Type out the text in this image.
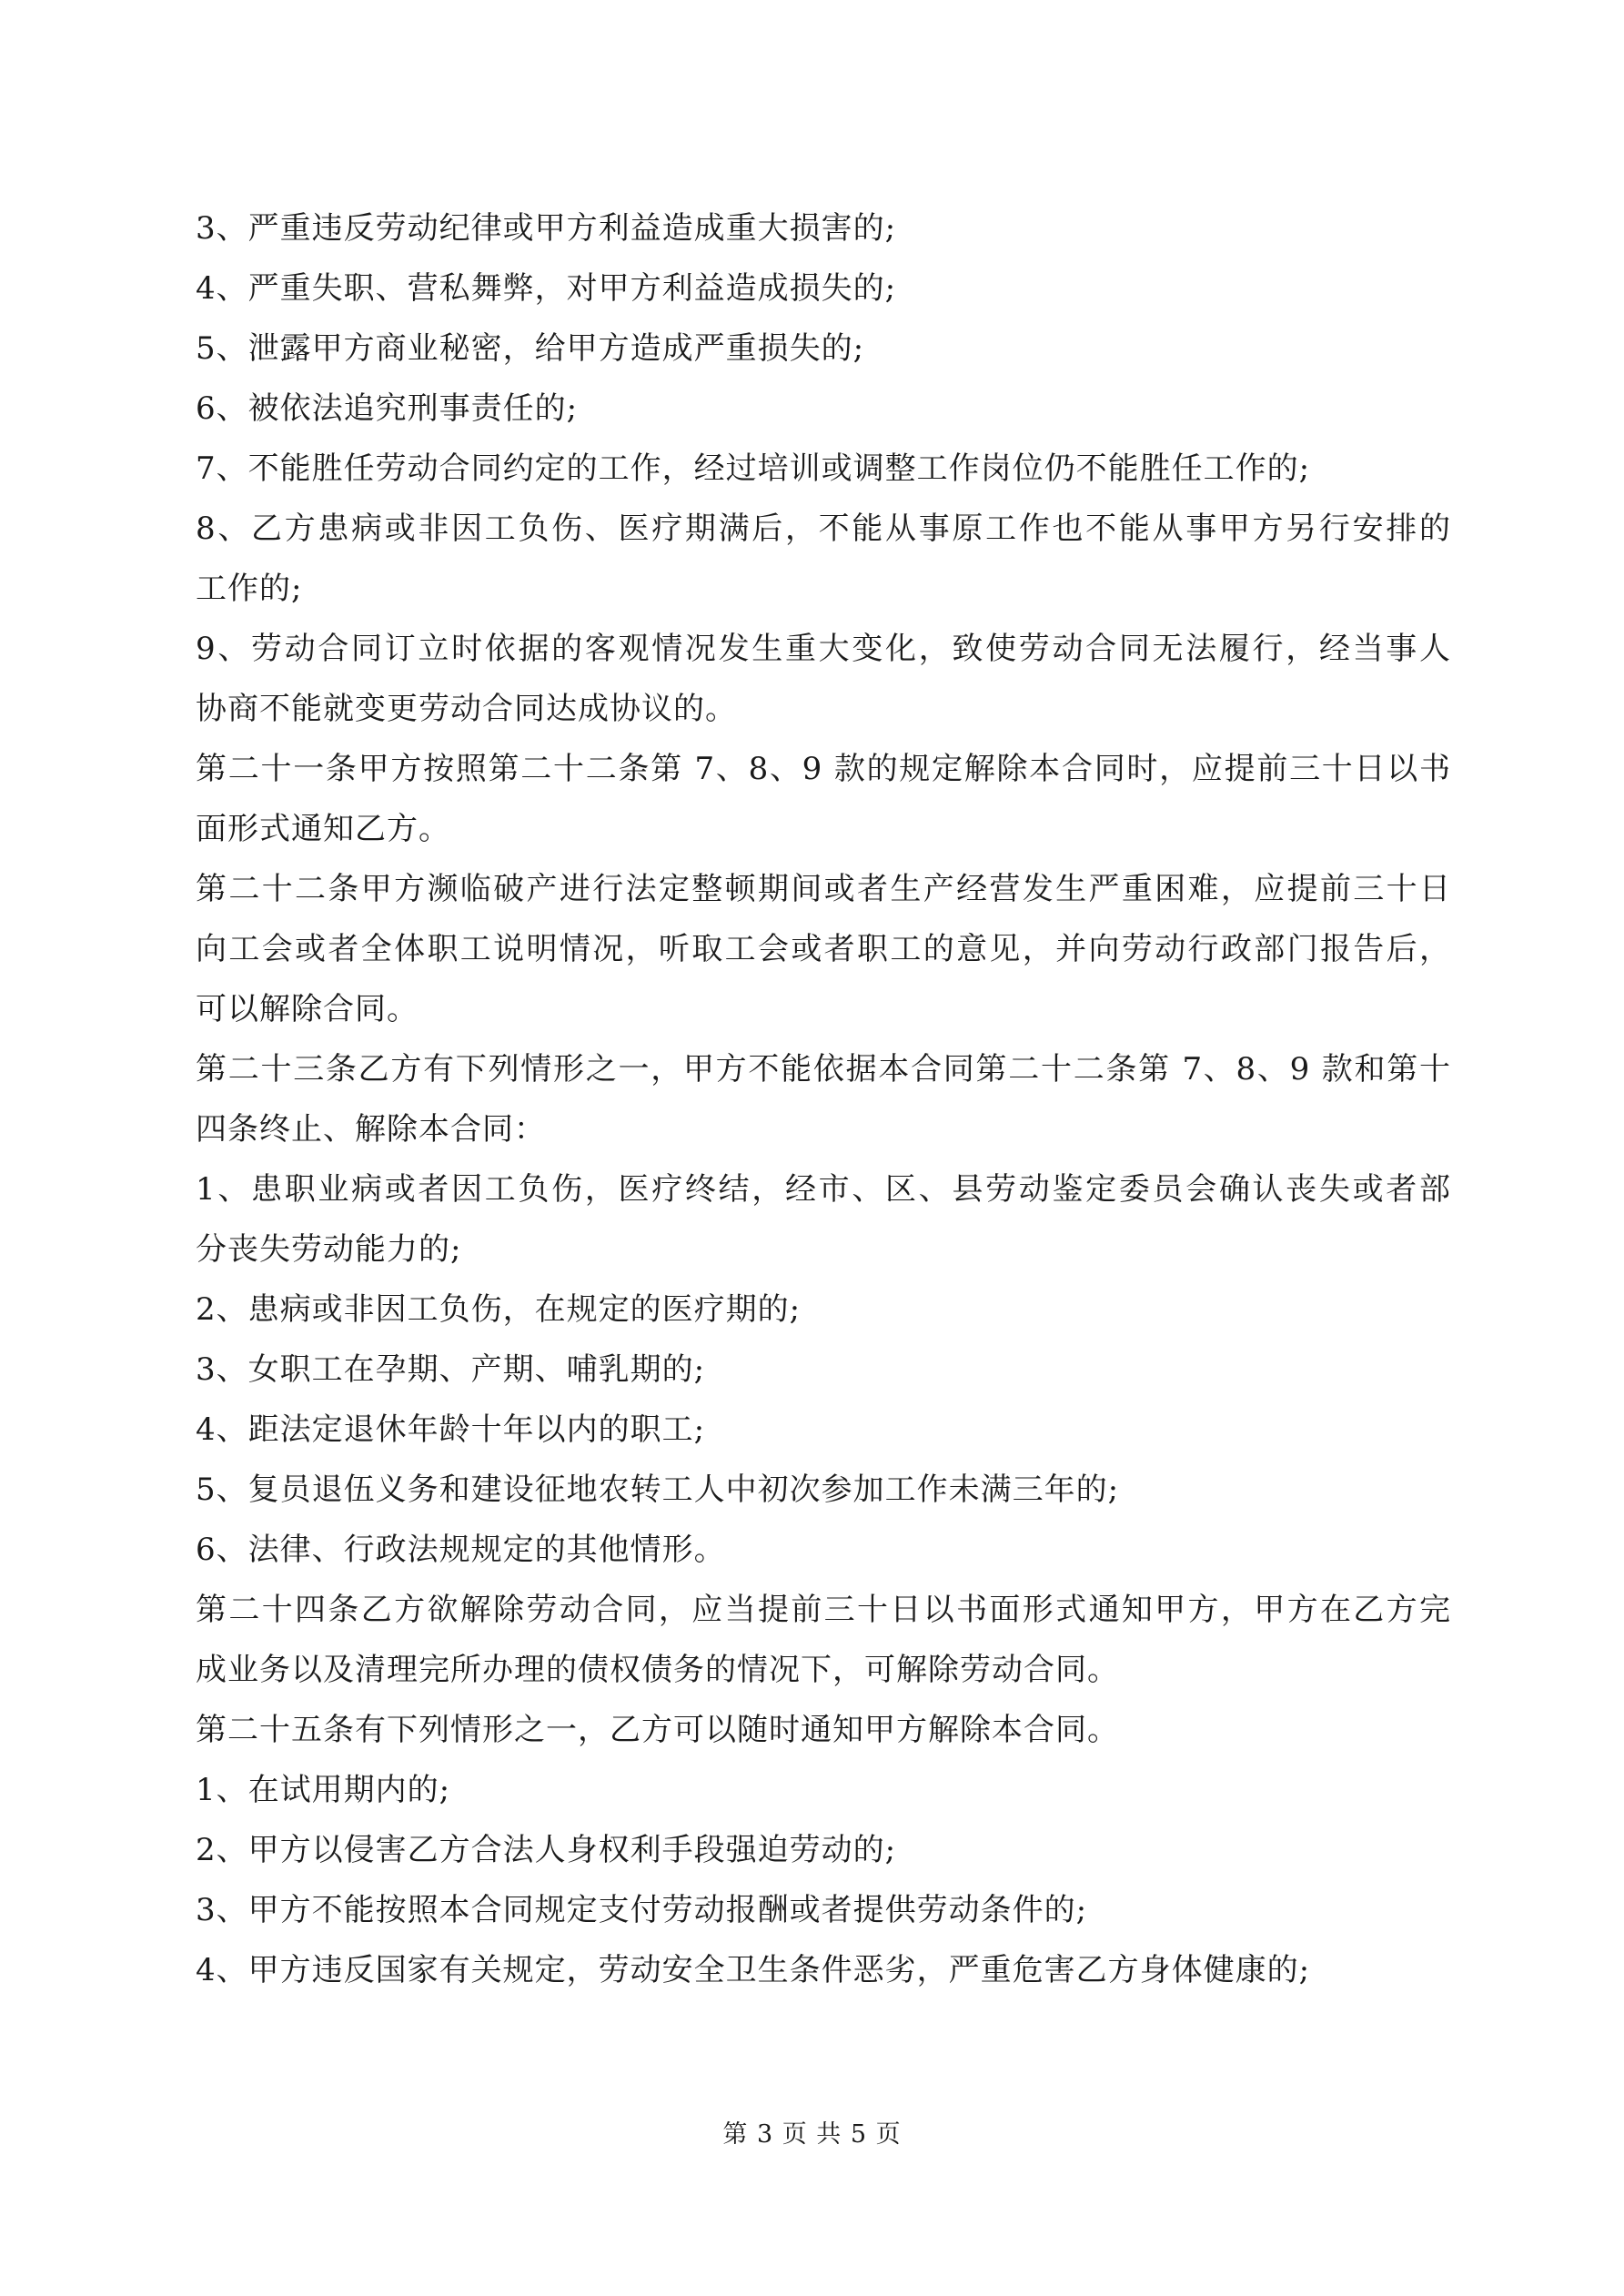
3、严重违反劳动纪律或甲方利益造成重大损害的;
4、严重失职、营私舞弊，对甲方利益造成损失的;
5、泄露甲方商业秘密，给甲方造成严重损失的;
6、被依法追究刑事责任的;
7、不能胜任劳动合同约定的工作，经过培训或调整工作岗位仍不能胜任工作的;
8、乙方患病或非因工负伤、医疗期满后，不能从事原工作也不能从事甲方另行安排的
工作的;
9、劳动合同订立时依据的客观情况发生重大变化，致使劳动合同无法履行，经当事人
协商不能就变更劳动合同达成协议的。
第二十一条甲方按照第二十二条第 7、8、9 款的规定解除本合同时，应提前三十日以书
面形式通知乙方。
第二十二条甲方濒临破产进行法定整顿期间或者生产经营发生严重困难，应提前三十日
向工会或者全体职工说明情况，听取工会或者职工的意见，并向劳动行政部门报告后，
可以解除合同。
第二十三条乙方有下列情形之一，甲方不能依据本合同第二十二条第 7、8、9 款和第十
四条终止、解除本合同：
1、患职业病或者因工负伤，医疗终结，经市、区、县劳动鉴定委员会确认丧失或者部
分丧失劳动能力的;
2、患病或非因工负伤，在规定的医疗期的;
3、女职工在孕期、产期、哺乳期的;
4、距法定退休年龄十年以内的职工;
5、复员退伍义务和建设征地农转工人中初次参加工作未满三年的;
6、法律、行政法规规定的其他情形。
第二十四条乙方欲解除劳动合同，应当提前三十日以书面形式通知甲方，甲方在乙方完
成业务以及清理完所办理的债权债务的情况下，可解除劳动合同。
第二十五条有下列情形之一，乙方可以随时通知甲方解除本合同。
1、在试用期内的;
2、甲方以侵害乙方合法人身权利手段强迫劳动的;
3、甲方不能按照本合同规定支付劳动报酬或者提供劳动条件的;
4、甲方违反国家有关规定，劳动安全卫生条件恶劣，严重危害乙方身体健康的;
第 3 页 共 5 页
